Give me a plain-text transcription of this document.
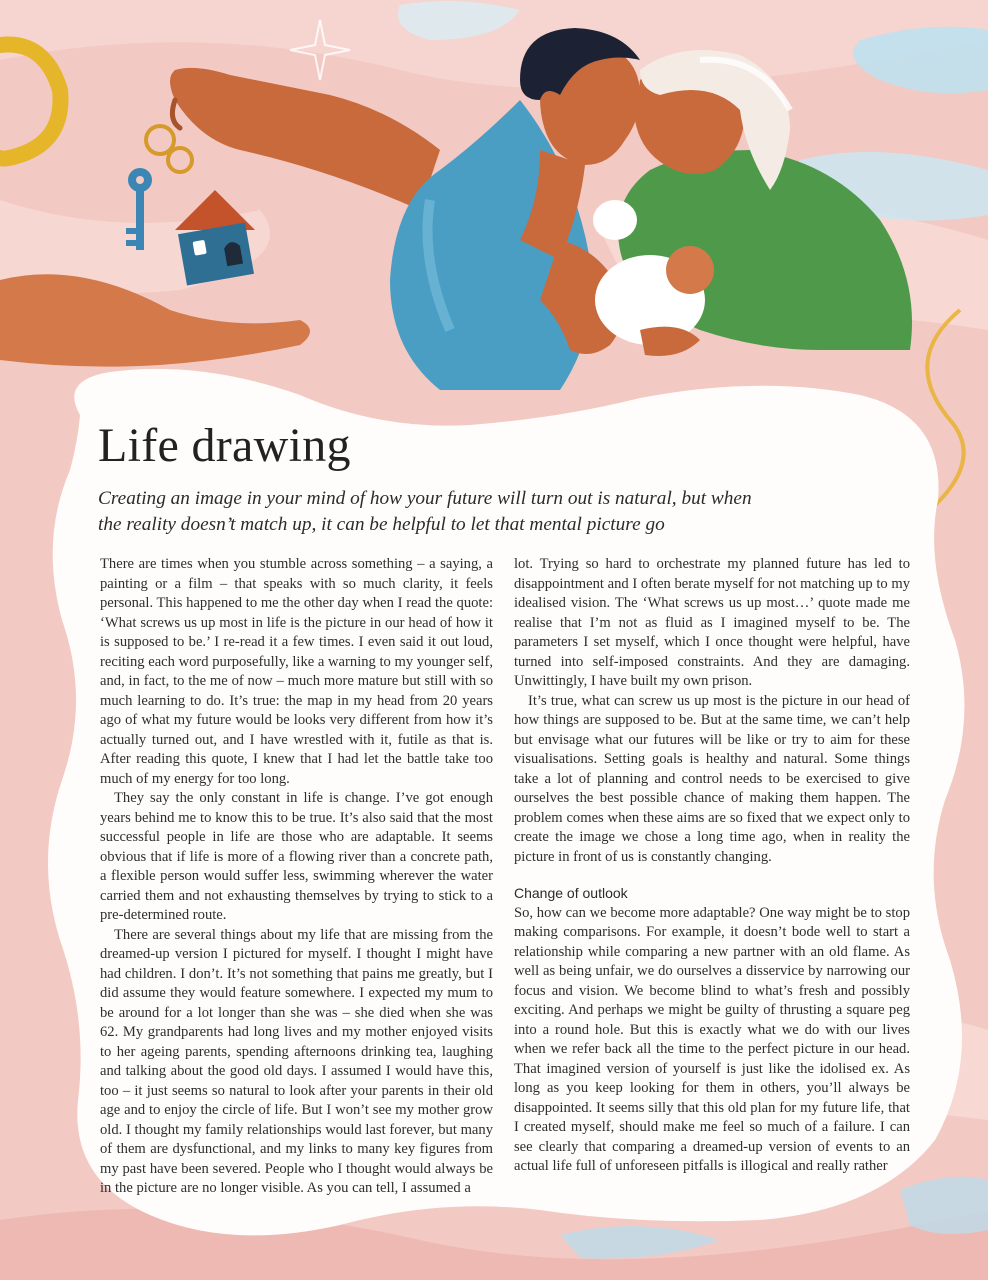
Life drawing

Creating an image in your mind of how your future will turn out is natural, but when the reality doesn’t match up, it can be helpful to let that mental picture go

There are times when you stumble across something – a saying, a painting or a film – that speaks with so much clarity, it feels personal. This happened to me the other day when I read the quote: ‘What screws us up most in life is the picture in our head of how it is supposed to be.’ I re-read it a few times. I even said it out loud, reciting each word purposefully, like a warning to my younger self, and, in fact, to the me of now – much more mature but still with so much learning to do. It’s true: the map in my head from 20 years ago of what my future would be looks very different from how it’s actually turned out, and I have wrestled with it, futile as that is. After reading this quote, I knew that I had let the battle take too much of my energy for too long.

They say the only constant in life is change. I’ve got enough years behind me to know this to be true. It’s also said that the most successful people in life are those who are adaptable. It seems obvious that if life is more of a flowing river than a concrete path, a flexible person would suffer less, swimming wherever the water carried them and not exhausting themselves by trying to stick to a pre-determined route.

There are several things about my life that are missing from the dreamed-up version I pictured for myself. I thought I might have had children. I don’t. It’s not something that pains me greatly, but I did assume they would feature somewhere. I expected my mum to be around for a lot longer than she was – she died when she was 62. My grandparents had long lives and my mother enjoyed visits to her ageing parents, spending afternoons drinking tea, laughing and talking about the good old days. I assumed I would have this, too – it just seems so natural to look after your parents in their old age and to enjoy the circle of life. But I won’t see my mother grow old. I thought my family relationships would last forever, but many of them are dysfunctional, and my links to many key figures from my past have been severed. People who I thought would always be in the picture are no longer visible. As you can tell, I assumed a

lot. Trying so hard to orchestrate my planned future has led to disappointment and I often berate myself for not matching up to my idealised vision. The ‘What screws us up most…’ quote made me realise that I’m not as fluid as I imagined myself to be. The parameters I set myself, which I once thought were helpful, have turned into self-imposed constraints. And they are damaging. Unwittingly, I have built my own prison.

It’s true, what can screw us up most is the picture in our head of how things are supposed to be. But at the same time, we can’t help but envisage what our futures will be like or try to aim for these visualisations. Setting goals is healthy and natural. Some things take a lot of planning and control needs to be exercised to give ourselves the best possible chance of making them happen. The problem comes when these aims are so fixed that we expect only to create the image we chose a long time ago, when in reality the picture in front of us is constantly changing.

Change of outlook

So, how can we become more adaptable? One way might be to stop making comparisons. For example, it doesn’t bode well to start a relationship while comparing a new partner with an old flame. As well as being unfair, we do ourselves a disservice by narrowing our focus and vision. We become blind to what’s fresh and possibly exciting. And perhaps we might be guilty of thrusting a square peg into a round hole. But this is exactly what we do with our lives when we refer back all the time to the perfect picture in our head. That imagined version of yourself is just like the idolised ex. As long as you keep looking for them in others, you’ll always be disappointed. It seems silly that this old plan for my future life, that I created myself, should make me feel so much of a failure. I can see clearly that comparing a dreamed-up version of events to an actual life full of unforeseen pitfalls is illogical and really rather
